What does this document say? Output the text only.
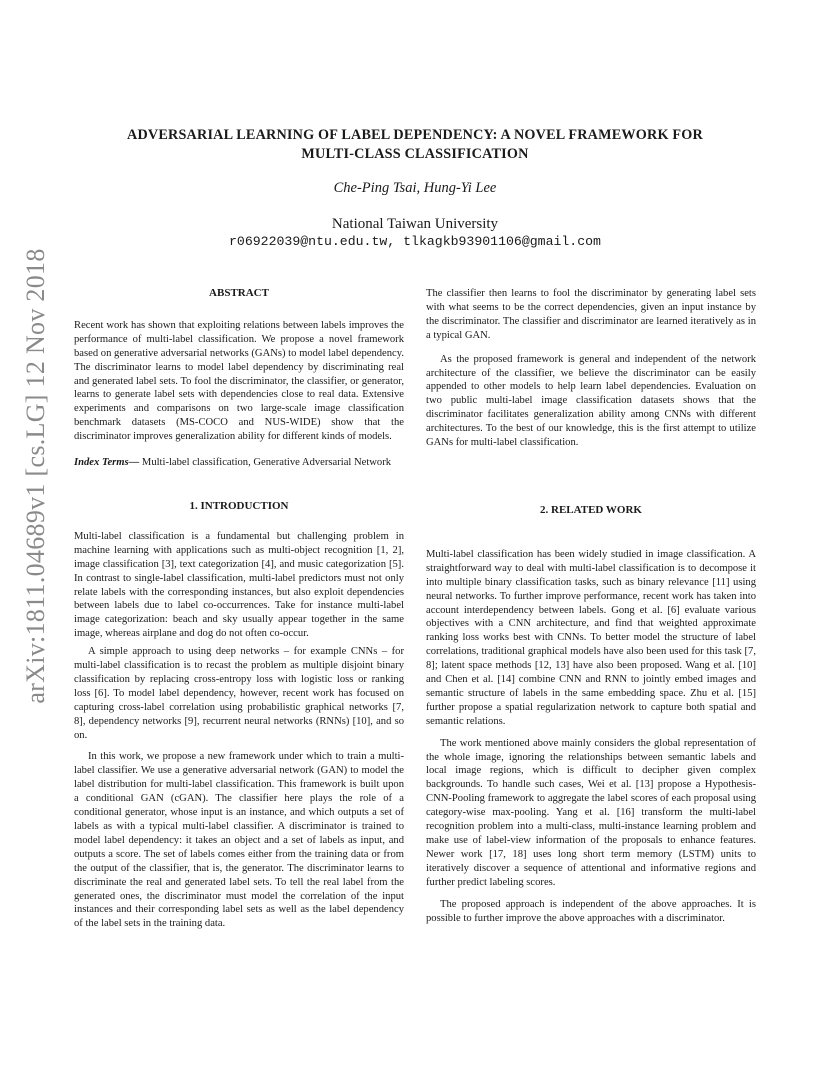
arXiv:1811.04689v1 [cs.LG] 12 Nov 2018
ADVERSARIAL LEARNING OF LABEL DEPENDENCY: A NOVEL FRAMEWORK FOR
MULTI-CLASS CLASSIFICATION
Che-Ping Tsai, Hung-Yi Lee
National Taiwan University
r06922039@ntu.edu.tw, tlkagkb93901106@gmail.com

ABSTRACT

Recent work has shown that exploiting relations between labels improves the performance of multi-label classification. We propose a novel framework based on generative adversarial networks (GANs) to model label dependency. The discriminator learns to model label dependency by discriminating real and generated label sets. To fool the discriminator, the classifier, or generator, learns to generate label sets with dependencies close to real data. Extensive experiments and comparisons on two large-scale image classification benchmark datasets (MS-COCO and NUS-WIDE) show that the discriminator improves generalization ability for different kinds of models.

Index Terms— Multi-label classification, Generative Adversarial Network

1. INTRODUCTION

Multi-label classification is a fundamental but challenging problem in machine learning with applications such as multi-object recognition [1, 2], image classification [3], text categorization [4], and music categorization [5]. In contrast to single-label classification, multi-label predictors must not only relate labels with the corresponding instances, but also exploit dependencies between labels due to label co-occurrences. Take for instance multi-label image categorization: beach and sky usually appear together in the same image, whereas airplane and dog do not often co-occur.

A simple approach to using deep networks – for example CNNs – for multi-label classification is to recast the problem as multiple disjoint binary classification by replacing cross-entropy loss with logistic loss or ranking loss [6]. To model label dependency, however, recent work has focused on capturing cross-label correlation using probabilistic graphical networks [7, 8], dependency networks [9], recurrent neural networks (RNNs) [10], and so on.

In this work, we propose a new framework under which to train a multi-label classifier. We use a generative adversarial network (GAN) to model the label distribution for multi-label classification. This framework is built upon a conditional GAN (cGAN). The classifier here plays the role of a conditional generator, whose input is an instance, and which outputs a set of labels as with a typical multi-label classifier. A discriminator is trained to model label dependency: it takes an object and a set of labels as input, and outputs a score. The set of labels comes either from the training data or from the output of the classifier, that is, the generator. The discriminator learns to discriminate the real and generated label sets. To tell the real label from the generated ones, the discriminator must model the correlation of the input instances and their corresponding label sets as well as the label dependency of the label sets in the training data.

The classifier then learns to fool the discriminator by generating label sets with what seems to be the correct dependencies, given an input instance by the discriminator. The classifier and discriminator are learned iteratively as in a typical GAN.

As the proposed framework is general and independent of the network architecture of the classifier, we believe the discriminator can be easily appended to other models to help learn label dependencies. Evaluation on two public multi-label image classification datasets shows that the discriminator facilitates generalization ability among CNNs with different architectures. To the best of our knowledge, this is the first attempt to utilize GANs for multi-label classification.

2. RELATED WORK

Multi-label classification has been widely studied in image classification. A straightforward way to deal with multi-label classification is to decompose it into multiple binary classification tasks, such as binary relevance [11] using neural networks. To further improve performance, recent work has taken into account interdependency between labels. Gong et al. [6] evaluate various objectives with a CNN architecture, and find that weighted approximate ranking loss works best with CNNs. To better model the structure of label correlations, traditional graphical models have also been used for this task [7, 8]; latent space methods [12, 13] have also been proposed. Wang et al. [10] and Chen et al. [14] combine CNN and RNN to jointly embed images and semantic structure of labels in the same embedding space. Zhu et al. [15] further propose a spatial regularization network to capture both spatial and semantic relations.

The work mentioned above mainly considers the global representation of the whole image, ignoring the relationships between semantic labels and local image regions, which is difficult to decipher given complex backgrounds. To handle such cases, Wei et al. [13] propose a Hypothesis-CNN-Pooling framework to aggregate the label scores of each proposal using category-wise max-pooling. Yang et al. [16] transform the multi-label recognition problem into a multi-class, multi-instance learning problem and make use of label-view information of the proposals to enhance features. Newer work [17, 18] uses long short term memory (LSTM) units to iteratively discover a sequence of attentional and informative regions and further predict labeling scores.

The proposed approach is independent of the above approaches. It is possible to further improve the above approaches with a discriminator.
